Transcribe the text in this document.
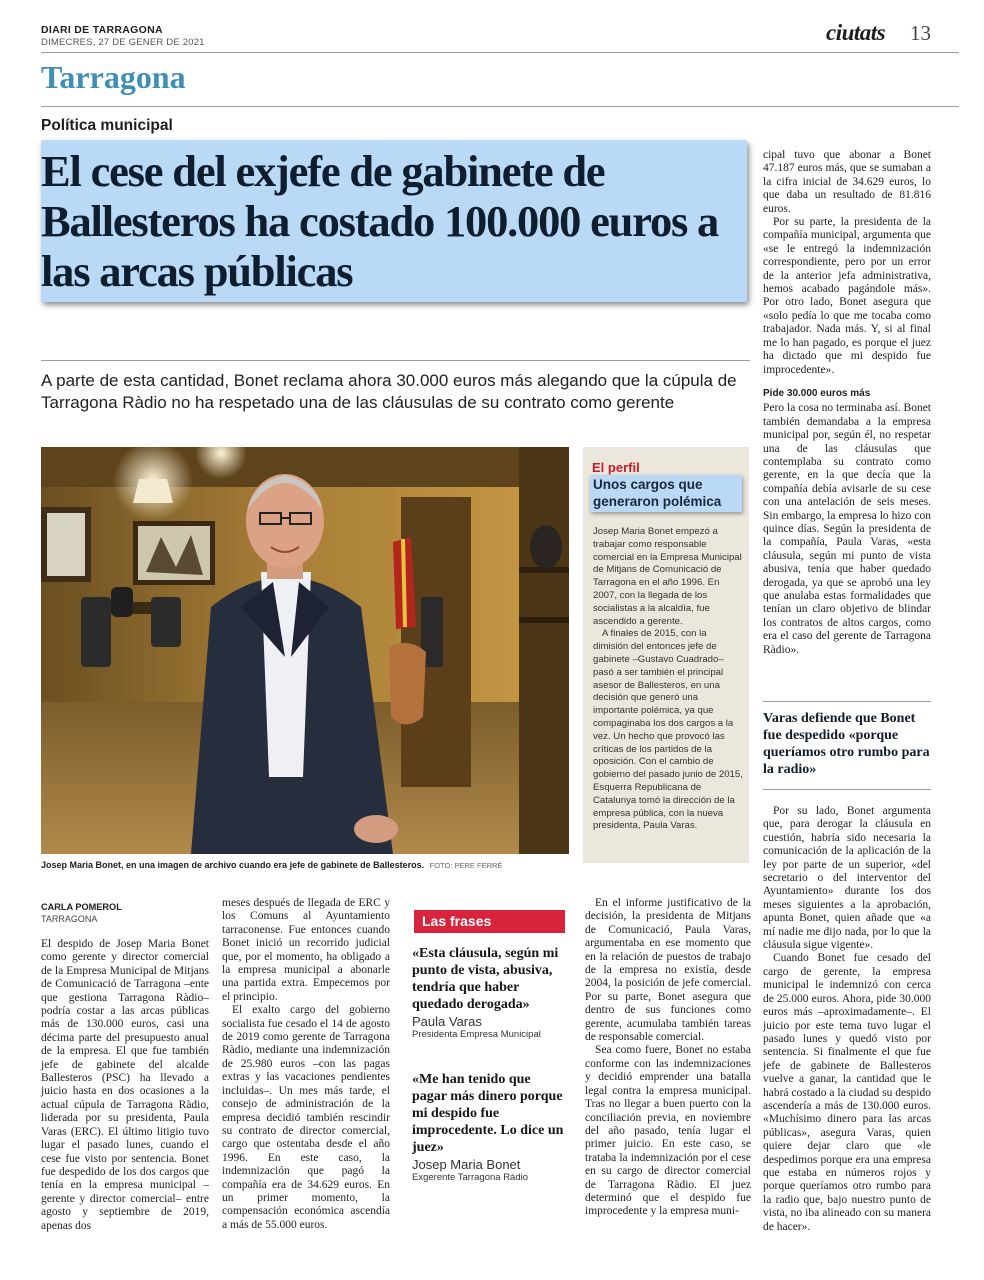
DIARI DE TARRAGONA
DIMECRES, 27 DE GENER DE 2021	ciutats 13
Tarragona
Política municipal
El cese del exjefe de gabinete de Ballesteros ha costado 100.000 euros a las arcas públicas
A parte de esta cantidad, Bonet reclama ahora 30.000 euros más alegando que la cúpula de Tarragona Ràdio no ha respetado una de las cláusulas de su contrato como gerente
Josep Maria Bonet, en una imagen de archivo cuando era jefe de gabinete de Ballesteros. FOTO: PERE FERRÉ
El perfil
Unos cargos que generaron polémica

Josep Maria Bonet empezó a trabajar como responsable comercial en la Empresa Municipal de Mitjans de Comunicació de Tarragona en el año 1996. En 2007, con la llegada de los socialistas a la alcaldía, fue ascendido a gerente.

A finales de 2015, con la dimisión del entonces jefe de gabinete –Gustavo Cuadrado– pasó a ser también el principal asesor de Ballesteros, en una decisión que generó una importante polémica, ya que compaginaba los dos cargos a la vez. Un hecho que provocó las críticas de los partidos de la oposición. Con el cambio de gobierno del pasado junio de 2015, Esquerra Republicana de Catalunya tomó la dirección de la empresa pública, con la nueva presidenta, Paula Varas.

CARLA POMEROL
TARRAGONA

El despido de Josep Maria Bonet como gerente y director comercial de la Empresa Municipal de Mitjans de Comunicació de Tarragona –ente que gestiona Tarragona Ràdio– podría costar a las arcas públicas más de 130.000 euros, casi una décima parte del presupuesto anual de la empresa. El que fue también jefe de gabinete del alcalde Ballesteros (PSC) ha llevado a juicio hasta en dos ocasiones a la actual cúpula de Tarragona Ràdio, liderada por su presidenta, Paula Varas (ERC). El último litigio tuvo lugar el pasado lunes, cuando el cese fue visto por sentencia. Bonet fue despedido de los dos cargos que tenía en la empresa municipal –gerente y director comercial– entre agosto y septiembre de 2019, apenas dos

meses después de llegada de ERC y los Comuns al Ayuntamiento tarraconense. Fue entonces cuando Bonet inició un recorrido judicial que, por el momento, ha obligado a la empresa municipal a abonarle una partida extra. Empecemos por el principio.

El exalto cargo del gobierno socialista fue cesado el 14 de agosto de 2019 como gerente de Tarragona Ràdio, mediante una indemnización de 25.980 euros –con las pagas extras y las vacaciones pendientes incluidas–. Un mes más tarde, el consejo de administración de la empresa decidió también rescindir su contrato de director comercial, cargo que ostentaba desde el año 1996. En este caso, la indemnización que pagó la compañía era de 34.629 euros. En un primer momento, la compensación económica ascendía a más de 55.000 euros.

Las frases
«Esta cláusula, según mi punto de vista, abusiva, tendría que haber quedado derogada»
Paula Varas
Presidenta Empresa Municipal
«Me han tenido que pagar más dinero porque mi despido fue improcedente. Lo dice un juez»
Josep Maria Bonet
Exgerente Tarragona Ràdio

En el informe justificativo de la decisión, la presidenta de Mitjans de Comunicació, Paula Varas, argumentaba en ese momento que en la relación de puestos de trabajo de la empresa no existía, desde 2004, la posición de jefe comercial. Por su parte, Bonet asegura que dentro de sus funciones como gerente, acumulaba también tareas de responsable comercial.

Sea como fuere, Bonet no estaba conforme con las indemnizaciones y decidió emprender una batalla legal contra la empresa municipal. Tras no llegar a buen puerto con la conciliación previa, en noviembre del año pasado, tenía lugar el primer juicio. En este caso, se trataba la indemnización por el cese en su cargo de director comercial de Tarragona Ràdio. El juez determinó que el despido fue improcedente y la empresa muni-

cipal tuvo que abonar a Bonet 47.187 euros más, que se sumaban a la cifra inicial de 34.629 euros, lo que daba un resultado de 81.816 euros.

Por su parte, la presidenta de la compañía municipal, argumenta que «se le entregó la indemnización correspondiente, pero por un error de la anterior jefa administrativa, hemos acabado pagándole más». Por otro lado, Bonet asegura que «solo pedía lo que me tocaba como trabajador. Nada más. Y, si al final me lo han pagado, es porque el juez ha dictado que mi despido fue improcedente».

Pide 30.000 euros más

Pero la cosa no terminaba así. Bonet también demandaba a la empresa municipal por, según él, no respetar una de las cláusulas que contemplaba su contrato como gerente, en la que decía que la compañía debía avisarle de su cese con una antelación de seis meses. Sin embargo, la empresa lo hizo con quince días. Según la presidenta de la compañía, Paula Varas, «esta cláusula, según mi punto de vista abusiva, tenía que haber quedado derogada, ya que se aprobó una ley que anulaba estas formalidades que tenían un claro objetivo de blindar los contratos de altos cargos, como era el caso del gerente de Tarragona Ràdio».

Varas defiende que Bonet fue despedido «porque queríamos otro rumbo para la radio»

Por su lado, Bonet argumenta que, para derogar la cláusula en cuestión, habría sido necesaria la comunicación de la aplicación de la ley por parte de un superior, «del secretario o del interventor del Ayuntamiento» durante los dos meses siguientes a la aprobación, apunta Bonet, quien añade que «a mí nadie me dijo nada, por lo que la cláusula sigue vigente».

Cuando Bonet fue cesado del cargo de gerente, la empresa municipal le indemnizó con cerca de 25.000 euros. Ahora, pide 30.000 euros más –aproximadamente–. El juicio por este tema tuvo lugar el pasado lunes y quedó visto por sentencia. Si finalmente el que fue jefe de gabinete de Ballesteros vuelve a ganar, la cantidad que le habrá costado a la ciudad su despido ascendería a más de 130.000 euros. «Muchísimo dinero para las arcas públicas», asegura Varas, quien quiere dejar claro que «le despedimos porque era una empresa que estaba en números rojos y porque queríamos otro rumbo para la radio que, bajo nuestro punto de vista, no iba alineado con su manera de hacer».
